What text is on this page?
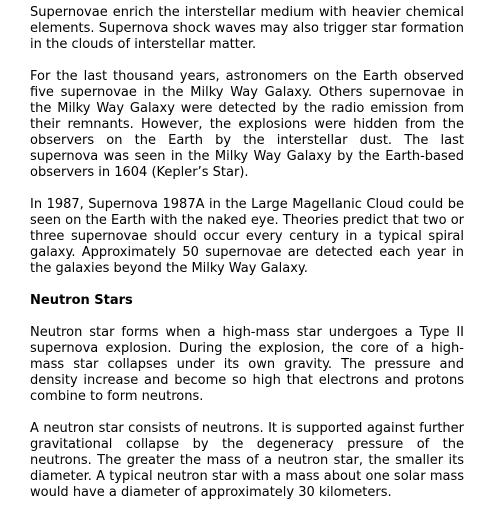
Supernovae enrich the interstellar medium with heavier chemical elements. Supernova shock waves may also trigger star formation in the clouds of interstellar matter.

For the last thousand years, astronomers on the Earth observed five supernovae in the Milky Way Galaxy. Others supernovae in the Milky Way Galaxy were detected by the radio emission from their remnants. However, the explosions were hidden from the observers on the Earth by the interstellar dust. The last supernova was seen in the Milky Way Galaxy by the Earth-based observers in 1604 (Kepler’s Star).

In 1987, Supernova 1987A in the Large Magellanic Cloud could be seen on the Earth with the naked eye. Theories predict that two or three supernovae should occur every century in a typical spiral galaxy. Approximately 50 supernovae are detected each year in the galaxies beyond the Milky Way Galaxy.

Neutron Stars

Neutron star forms when a high-mass star undergoes a Type II supernova explosion. During the explosion, the core of a high-mass star collapses under its own gravity. The pressure and density increase and become so high that electrons and protons combine to form neutrons.

A neutron star consists of neutrons. It is supported against further gravitational collapse by the degeneracy pressure of the neutrons. The greater the mass of a neutron star, the smaller its diameter. A typical neutron star with a mass about one solar mass would have a diameter of approximately 30 kilometers.
